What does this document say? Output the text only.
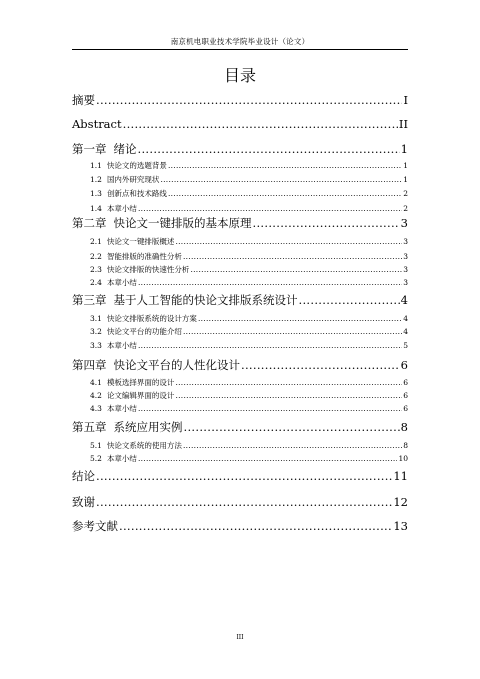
南京机电职业技术学院毕业设计（论文）
目录
摘要 .....	I
Abstract .....	II
第一章 绪论 .....	1
1.1 快论文的选题背景 .....	1
1.2 国内外研究现状 .....	1
1.3 创新点和技术路线 .....	2
1.4 本章小结 .....	2
第二章 快论文一键排版的基本原理 .....	3
2.1 快论文一键排版概述 .....	3
2.2 智能排版的准确性分析 .....	3
2.3 快论文排版的快速性分析 .....	3
2.4 本章小结 .....	3
第三章 基于人工智能的快论文排版系统设计 .....	4
3.1 快论文排版系统的设计方案 .....	4
3.2 快论文平台的功能介绍 .....	4
3.3 本章小结 .....	5
第四章 快论文平台的人性化设计 .....	6
4.1 模板选择界面的设计 .....	6
4.2 论文编辑界面的设计 .....	6
4.3 本章小结 .....	6
第五章 系统应用实例 .....	8
5.1 快论文系统的使用方法 .....	8
5.2 本章小结 .....	10
结论 .....	11
致谢 .....	12
参考文献 .....	13
III
